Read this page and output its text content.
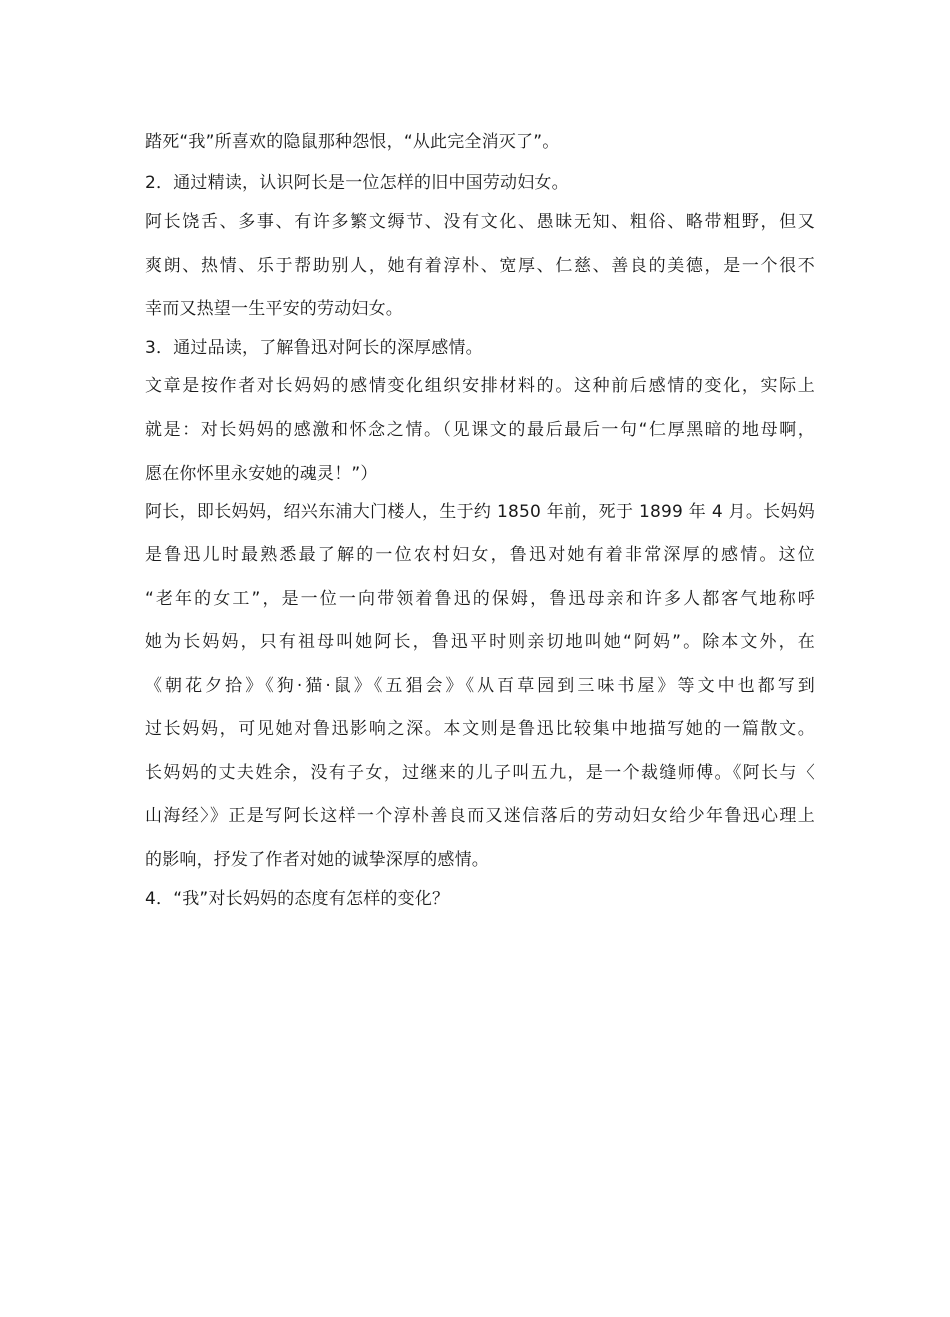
踏死“我”所喜欢的隐鼠那种怨恨，“从此完全消灭了”。
2．通过精读，认识阿长是一位怎样的旧中国劳动妇女。
阿长饶舌、多事、有许多繁文缛节、没有文化、愚昧无知、粗俗、略带粗野，但又
爽朗、热情、乐于帮助别人，她有着淳朴、宽厚、仁慈、善良的美德，是一个很不
幸而又热望一生平安的劳动妇女。
3．通过品读，了解鲁迅对阿长的深厚感情。
文章是按作者对长妈妈的感情变化组织安排材料的。这种前后感情的变化，实际上
就是：对长妈妈的感激和怀念之情。（见课文的最后最后一句“仁厚黑暗的地母啊，
愿在你怀里永安她的魂灵！”）
阿长，即长妈妈，绍兴东浦大门楼人，生于约 1850 年前，死于 1899 年 4 月。长妈妈
是鲁迅儿时最熟悉最了解的一位农村妇女，鲁迅对她有着非常深厚的感情。这位
“老年的女工”，是一位一向带领着鲁迅的保姆，鲁迅母亲和许多人都客气地称呼
她为长妈妈，只有祖母叫她阿长，鲁迅平时则亲切地叫她“阿妈”。除本文外，在
《朝花夕拾》《狗·猫·鼠》《五猖会》《从百草园到三味书屋》等文中也都写到
过长妈妈，可见她对鲁迅影响之深。本文则是鲁迅比较集中地描写她的一篇散文。
长妈妈的丈夫姓余，没有子女，过继来的儿子叫五九，是一个裁缝师傅。《阿长与〈
山海经〉》正是写阿长这样一个淳朴善良而又迷信落后的劳动妇女给少年鲁迅心理上
的影响，抒发了作者对她的诚挚深厚的感情。
4．“我”对长妈妈的态度有怎样的变化？
